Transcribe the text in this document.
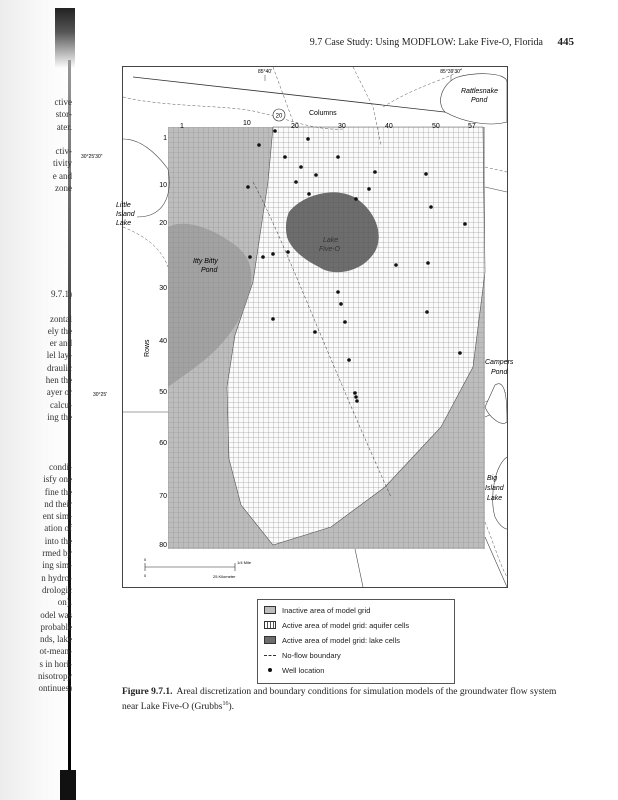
ctive
stor-
ater.

ctiv-
tivity
e and
zone
9.7.1)

zontal
ely the
er and
lel lay-
draulic
hen the
ayer or
calcu-
ing the
condi-
isfy one
fine the
nd their
ent sim-
ation of
into the
rmed by
ing sim-
n hydro-
drologic
on).
odel was
probable
nds, lake
ot-mean-
s in hori-
nisotropy
ontinues)
9.7 Case Study: Using MODFLOW: Lake Five-O, Florida 445
85°40'	85°39'30"
1	10	20	30	40	50	57
Columns
20
1
10
20
30
40
50
60
70
80
Rows
30°25'30"
30°25'
Rattlesnake
Pond
Little
Island
Lake
Lake
Five-O
Itty Bitty
Pond
Campers
Pond
Big
Island
Lake
0
0
1/4 Mile
25 Kilometer
Inactive area of model grid
Active area of model grid: aquifer cells
Active area of model grid: lake cells
No-flow boundary
Well location
Figure 9.7.1. Areal discretization and boundary conditions for simulation models of the groundwater flow system near Lake Five-O (Grubbs$^{16}$).
